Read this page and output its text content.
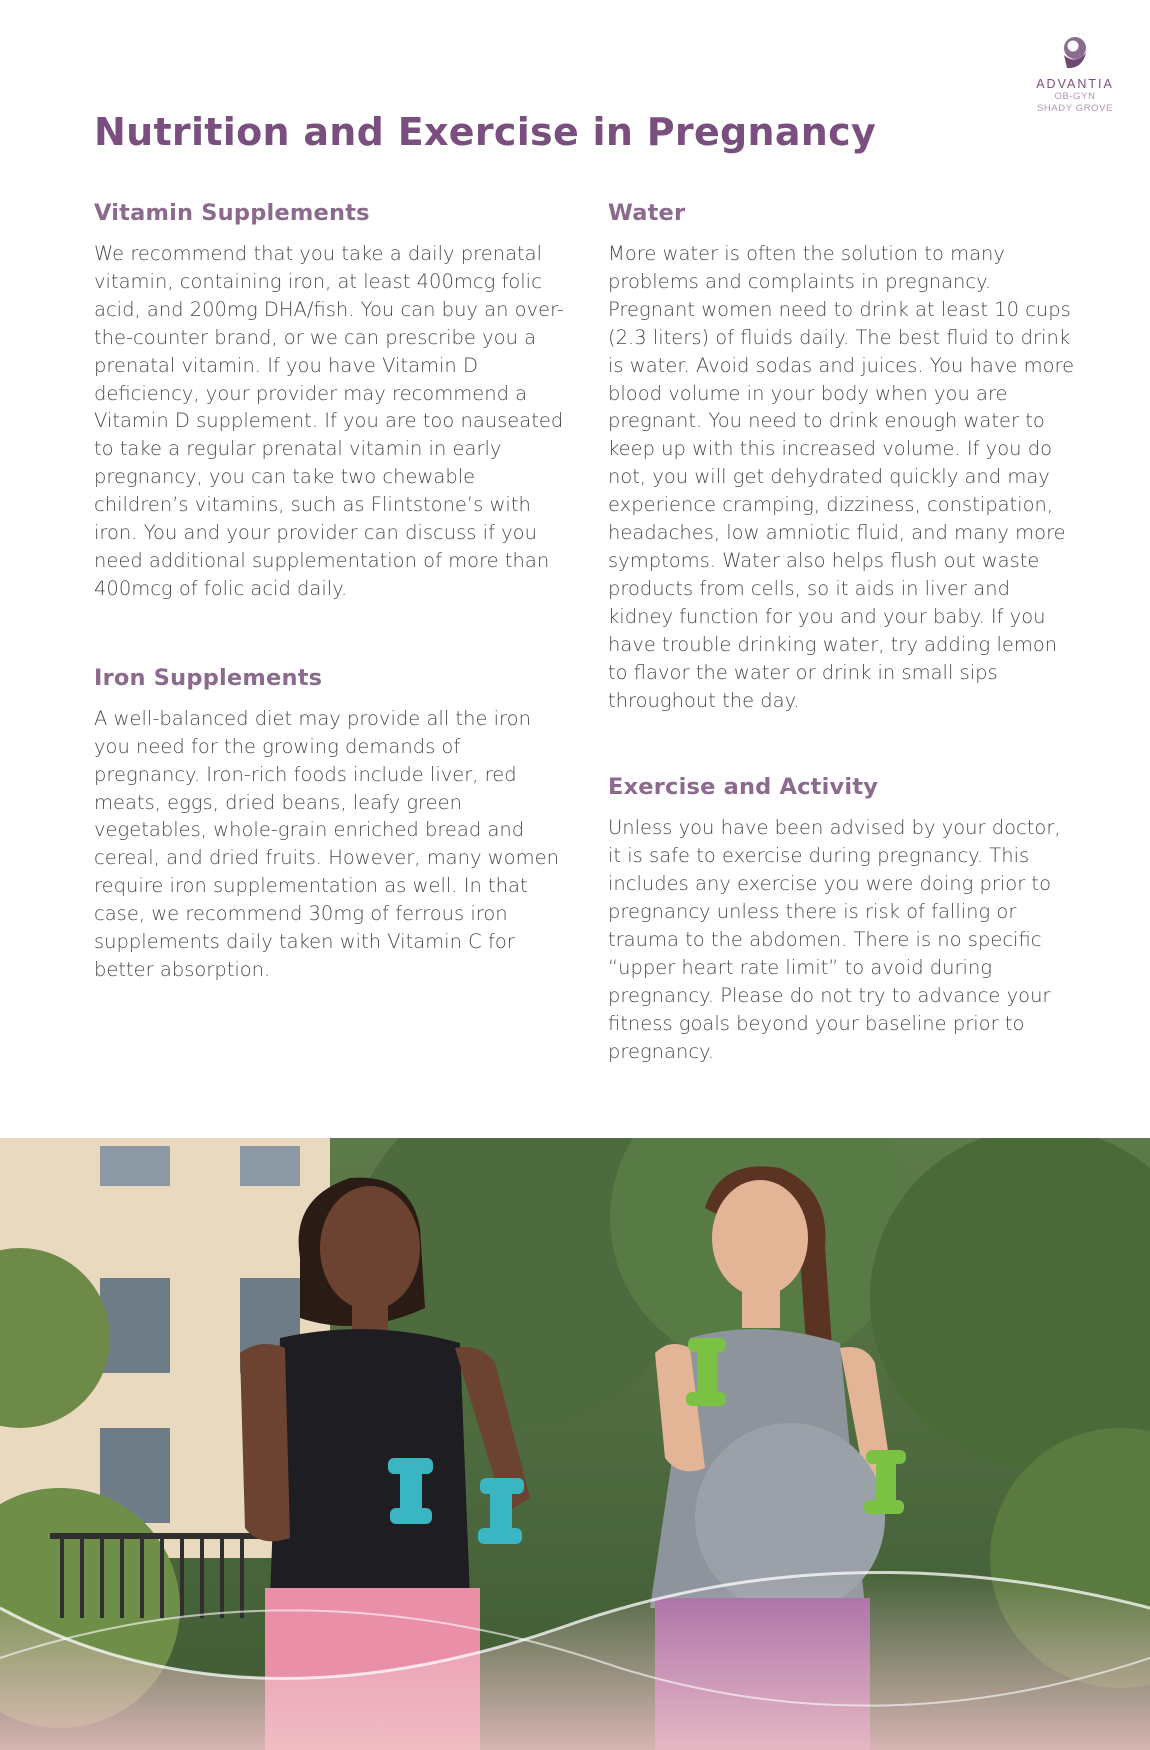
ADVANTIA
OB-GYN
SHADY GROVE
Nutrition and Exercise in Pregnancy
Vitamin Supplements

We recommend that you take a daily prenatal vitamin, containing iron, at least 400mcg folic acid, and 200mg DHA/fish. You can buy an over-the-counter brand, or we can prescribe you a prenatal vitamin. If you have Vitamin D deficiency, your provider may recommend a Vitamin D supplement. If you are too nauseated to take a regular prenatal vitamin in early pregnancy, you can take two chewable children’s vitamins, such as Flintstone’s with iron. You and your provider can discuss if you need additional supplementation of more than 400mcg of folic acid daily.

Iron Supplements

A well-balanced diet may provide all the iron you need for the growing demands of pregnancy. Iron-rich foods include liver, red meats, eggs, dried beans, leafy green vegetables, whole-grain enriched bread and cereal, and dried fruits. However, many women require iron supplementation as well. In that case, we recommend 30mg of ferrous iron supplements daily taken with Vitamin C for better absorption.

Water

More water is often the solution to many problems and complaints in pregnancy. Pregnant women need to drink at least 10 cups (2.3 liters) of fluids daily. The best fluid to drink is water. Avoid sodas and juices. You have more blood volume in your body when you are pregnant. You need to drink enough water to keep up with this increased volume. If you do not, you will get dehydrated quickly and may experience cramping, dizziness, constipation, headaches, low amniotic fluid, and many more symptoms. Water also helps flush out waste products from cells, so it aids in liver and kidney function for you and your baby. If you have trouble drinking water, try adding lemon to flavor the water or drink in small sips throughout the day.

Exercise and Activity

Unless you have been advised by your doctor, it is safe to exercise during pregnancy. This includes any exercise you were doing prior to pregnancy unless there is risk of falling or trauma to the abdomen. There is no specific “upper heart rate limit” to avoid during pregnancy. Please do not try to advance your fitness goals beyond your baseline prior to pregnancy.
